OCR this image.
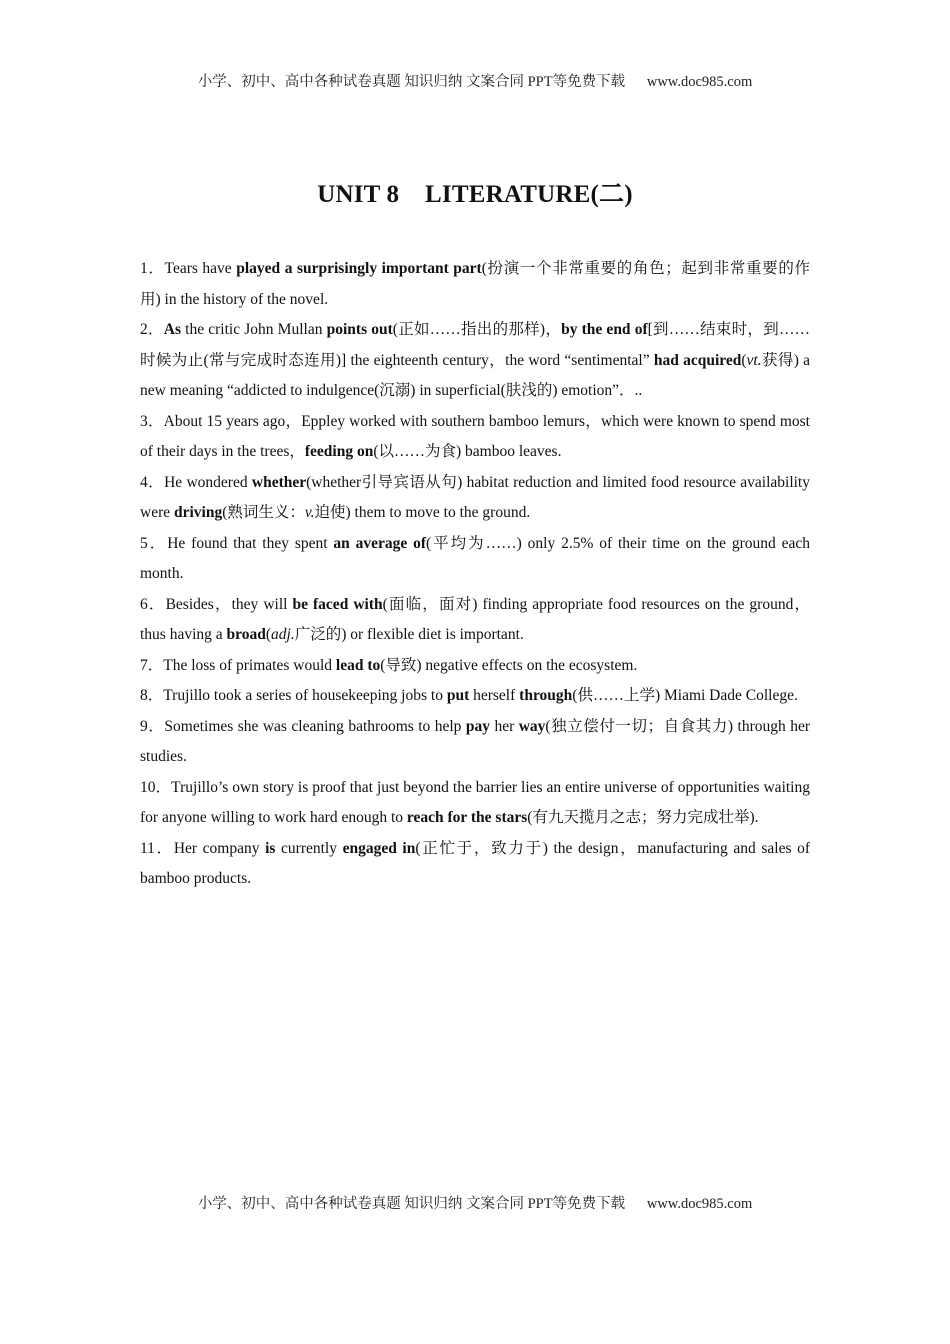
小学、初中、高中各种试卷真题 知识归纳 文案合同 PPT等免费下载      www.doc985.com
UNIT 8    LITERATURE(二)

1．Tears have played a surprisingly important part(扮演一个非常重要的角色；起到非常重要的作用) in the history of the novel.

2．As the critic John Mullan points out(正如……指出的那样)，by the end of[到……结束时，到……时候为止(常与完成时态连用)] the eighteenth century，the word “sentimental” had acquired(vt.获得) a new meaning “addicted to indulgence(沉溺) in superficial(肤浅的) emotion”．..

3．About 15 years ago，Eppley worked with southern bamboo lemurs，which were known to spend most of their days in the trees，feeding on(以……为食) bamboo leaves.

4．He wondered whether(whether引导宾语从句) habitat reduction and limited food resource availability were driving(熟词生义：v.迫使) them to move to the ground.

5．He found that they spent an average of(平均为……) only 2.5% of their time on the ground each month.

6．Besides，they will be faced with(面临，面对) finding appropriate food resources on the ground，thus having a broad(adj.广泛的) or flexible diet is important.

7．The loss of primates would lead to(导致) negative effects on the ecosystem.

8．Trujillo took a series of housekeeping jobs to put herself through(供……上学) Miami Dade College.

9．Sometimes she was cleaning bathrooms to help pay her way(独立偿付一切；自食其力) through her studies.

10．Trujillo’s own story is proof that just beyond the barrier lies an entire universe of opportunities waiting for anyone willing to work hard enough to reach for the stars(有九天揽月之志；努力完成壮举).

11．Her company is currently engaged in(正忙于，致力于) the design，manufacturing and sales of bamboo products.

小学、初中、高中各种试卷真题 知识归纳 文案合同 PPT等免费下载      www.doc985.com
